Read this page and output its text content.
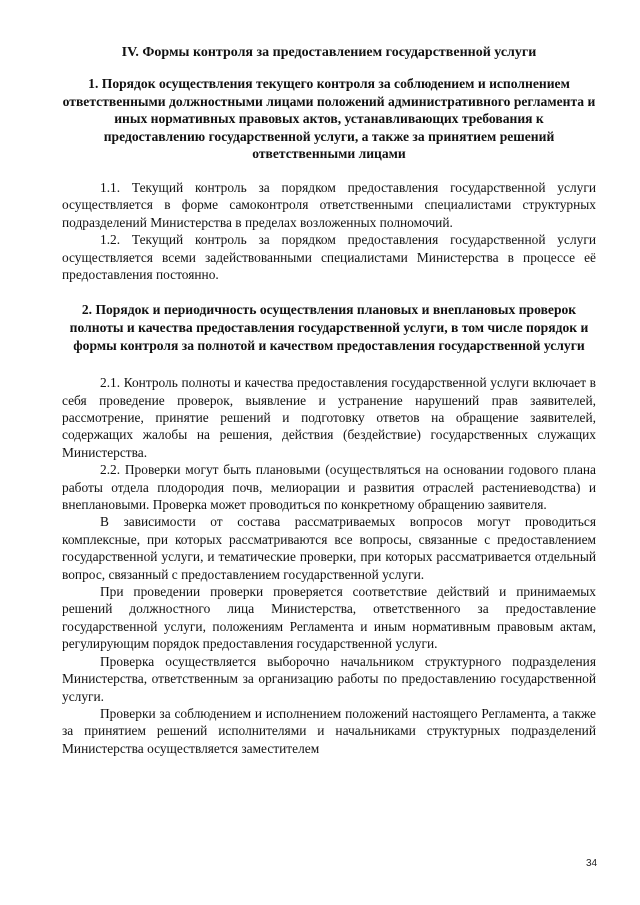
IV. Формы контроля за предоставлением государственной услуги
1. Порядок осуществления текущего контроля за соблюдением и исполнением ответственными должностными лицами положений административного регламента и иных нормативных правовых актов, устанавливающих требования к предоставлению государственной услуги, а также за принятием решений ответственными лицами

1.1. Текущий контроль за порядком предоставления государственной услуги осуществляется в форме самоконтроля ответственными специалистами структурных подразделений Министерства в пределах возложенных полномочий.

1.2. Текущий контроль за порядком предоставления государственной услуги осуществляется всеми задействованными специалистами Министерства в процессе её предоставления постоянно.

2. Порядок и периодичность осуществления плановых и внеплановых проверок полноты и качества предоставления государственной услуги, в том числе порядок и формы контроля за полнотой и качеством предоставления государственной услуги

2.1. Контроль полноты и качества предоставления государственной услуги включает в себя проведение проверок, выявление и устранение нарушений прав заявителей, рассмотрение, принятие решений и подготовку ответов на обращение заявителей, содержащих жалобы на решения, действия (бездействие) государственных служащих Министерства.

2.2. Проверки могут быть плановыми (осуществляться на основании годового плана работы отдела плодородия почв, мелиорации и развития отраслей растениеводства) и внеплановыми. Проверка может проводиться по конкретному обращению заявителя.

В зависимости от состава рассматриваемых вопросов могут проводиться комплексные, при которых рассматриваются все вопросы, связанные с предоставлением государственной услуги, и тематические проверки, при которых рассматривается отдельный вопрос, связанный с предоставлением государственной услуги.

При проведении проверки проверяется соответствие действий и принимаемых решений должностного лица Министерства, ответственного за предоставление государственной услуги, положениям Регламента и иным нормативным правовым актам, регулирующим порядок предоставления государственной услуги.

Проверка осуществляется выборочно начальником структурного подразделения Министерства, ответственным за организацию работы по предоставлению государственной услуги.

Проверки за соблюдением и исполнением положений настоящего Регламента, а также за принятием решений исполнителями и начальниками структурных подразделений Министерства осуществляется заместителем

34
